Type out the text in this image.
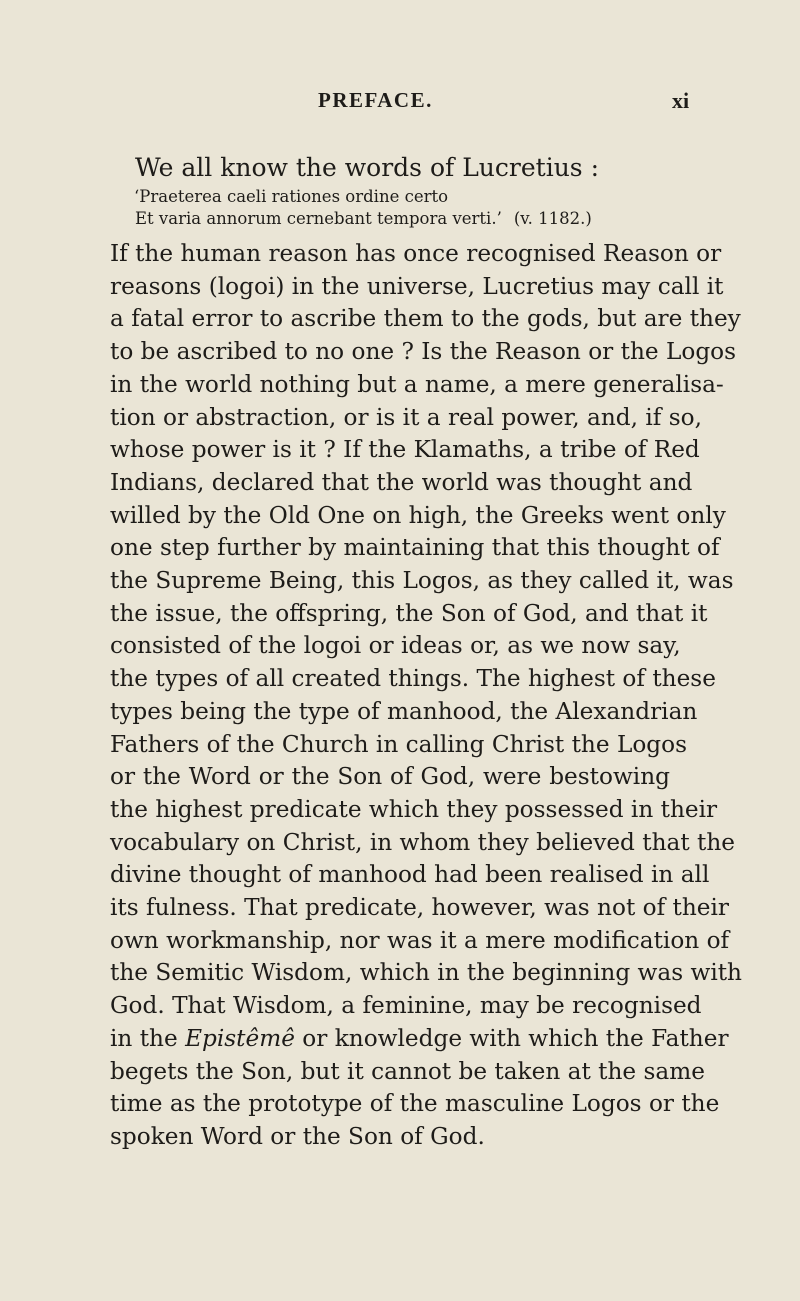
PREFACE.	xi

We all know the words of Lucretius :

‘Praeterea caeli rationes ordine certo
Et varia annorum cernebant tempora verti.’ (v. 1182.)
If the human reason has once recognised Reason or
reasons (logoi) in the universe, Lucretius may call it
a fatal error to ascribe them to the gods, but are they
to be ascribed to no one ? Is the Reason or the Logos
in the world nothing but a name, a mere generalisa-
tion or abstraction, or is it a real power, and, if so,
whose power is it ? If the Klamaths, a tribe of Red
Indians, declared that the world was thought and
willed by the Old One on high, the Greeks went only
one step further by maintaining that this thought of
the Supreme Being, this Logos, as they called it, was
the issue, the offspring, the Son of God, and that it
consisted of the logoi or ideas or, as we now say,
the types of all created things. The highest of these
types being the type of manhood, the Alexandrian
Fathers of the Church in calling Christ the Logos
or the Word or the Son of God, were bestowing
the highest predicate which they possessed in their
vocabulary on Christ, in whom they believed that the
divine thought of manhood had been realised in all
its fulness. That predicate, however, was not of their
own workmanship, nor was it a mere modification of
the Semitic Wisdom, which in the beginning was with
God. That Wisdom, a feminine, may be recognised
in the Epistêmê or knowledge with which the Father
begets the Son, but it cannot be taken at the same
time as the prototype of the masculine Logos or the
spoken Word or the Son of God.
